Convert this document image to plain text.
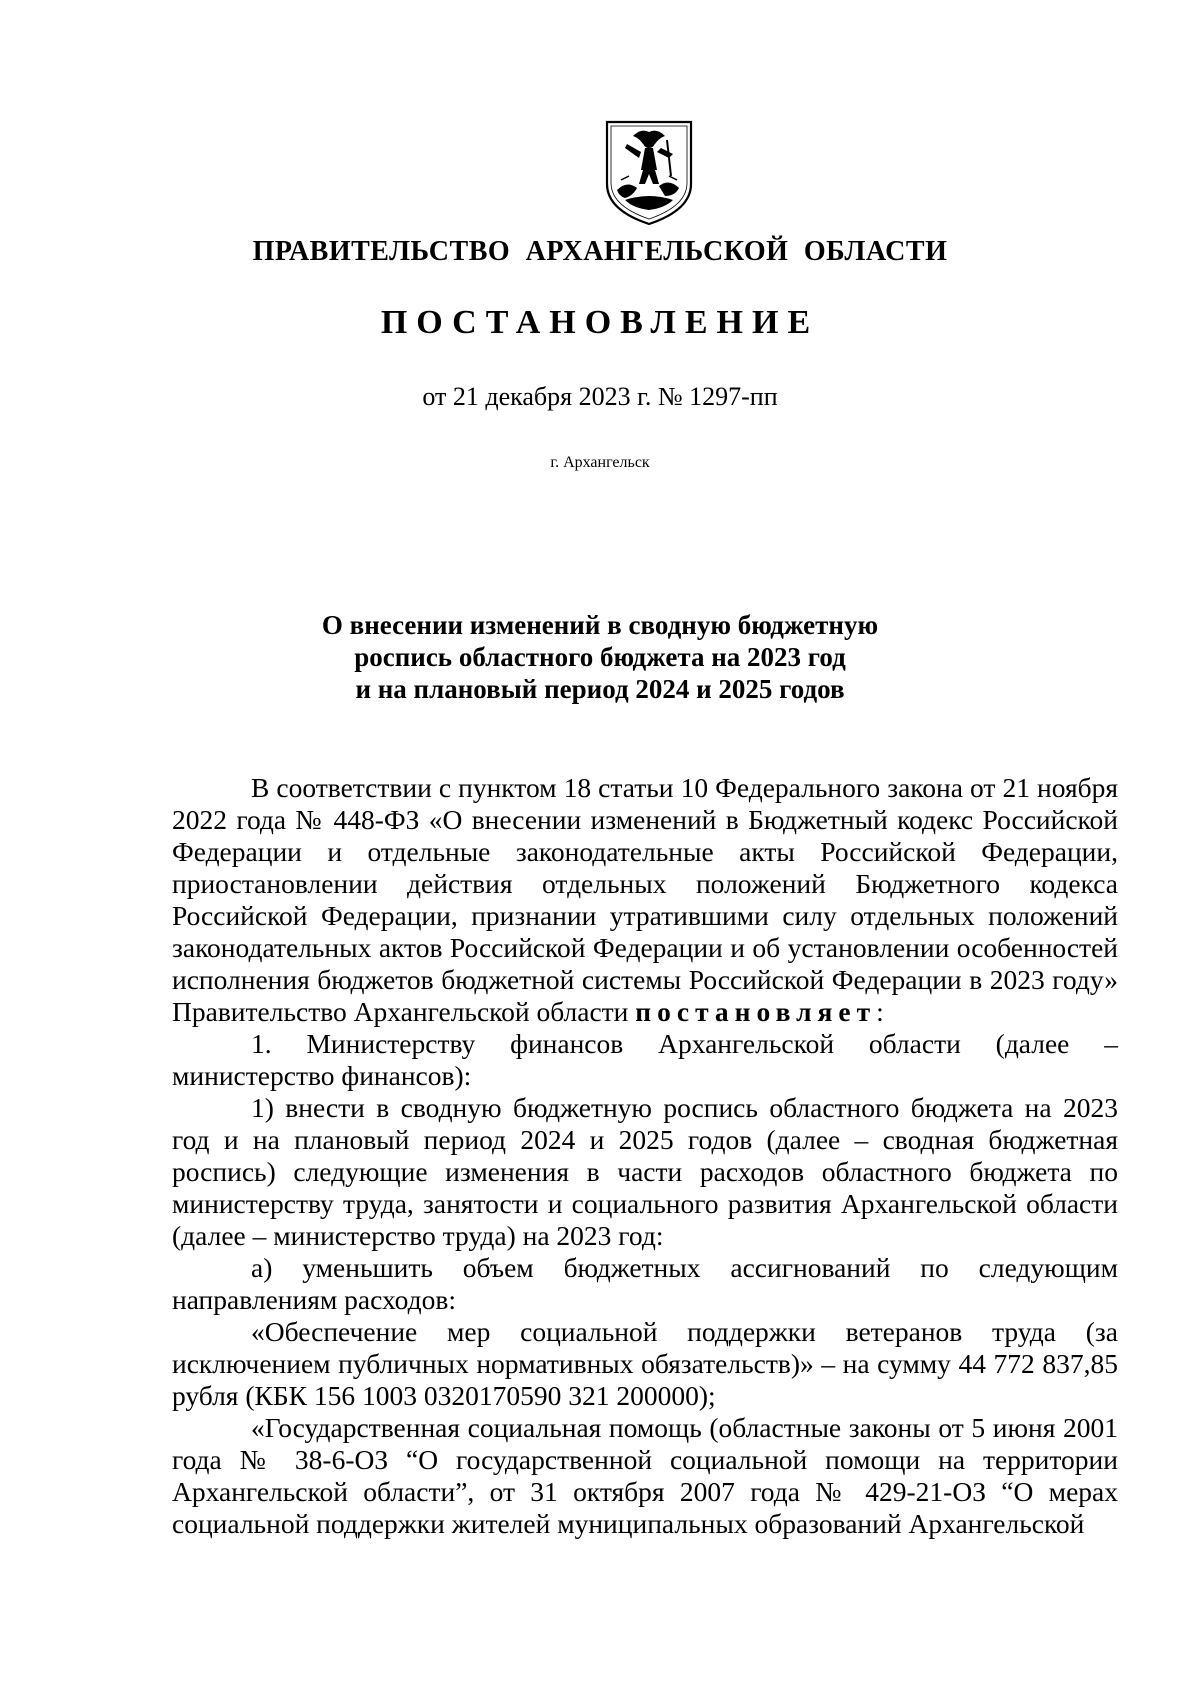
ПРАВИТЕЛЬСТВО АРХАНГЕЛЬСКОЙ ОБЛАСТИ
ПОСТАНОВЛЕНИЕ
от 21 декабря 2023 г. № 1297-пп
г. Архангельск
О внесении изменений в сводную бюджетную
роспись областного бюджета на 2023 год
и на плановый период 2024 и 2025 годов

В соответствии с пунктом 18 статьи 10 Федерального закона от 21 ноября 2022 года № 448-ФЗ «О внесении изменений в Бюджетный кодекс Российской Федерации и отдельные законодательные акты Российской Федерации, приостановлении действия отдельных положений Бюджетного кодекса Российской Федерации, признании утратившими силу отдельных положений законодательных актов Российской Федерации и об установлении особенностей исполнения бюджетов бюджетной системы Российской Федерации в 2023 году» Правительство Архангельской области постановляет:

1. Министерству финансов Архангельской области (далее – министерство финансов):

1) внести в сводную бюджетную роспись областного бюджета на 2023 год и на плановый период 2024 и 2025 годов (далее – сводная бюджетная роспись) следующие изменения в части расходов областного бюджета по министерству труда, занятости и социального развития Архангельской области (далее – министерство труда) на 2023 год:

а) уменьшить объем бюджетных ассигнований по следующим направлениям расходов:

«Обеспечение мер социальной поддержки ветеранов труда (за исключением публичных нормативных обязательств)» – на сумму 44 772 837,85 рубля (КБК 156 1003 0320170590 321 200000);

«Государственная социальная помощь (областные законы от 5 июня 2001 года № 38-6-ОЗ “О государственной социальной помощи на территории Архангельской области”, от 31 октября 2007 года № 429-21-ОЗ “О мерах социальной поддержки жителей муниципальных образований Архангельской
